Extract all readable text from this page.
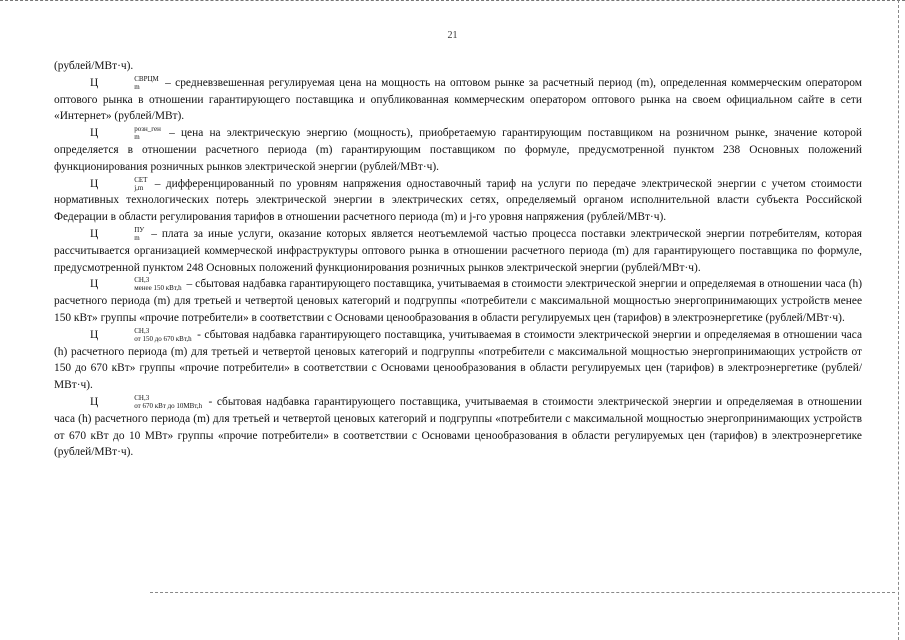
21

(рублей/МВт·ч).

Ц	СВРЦМ
m	– средневзвешенная регулируемая цена на мощность на оптовом рынке за расчетный период (m), определенная коммерческим оператором оптового рынка в отношении гарантирующего поставщика и опубликованная коммерческим оператором оптового рынка на своем официальном сайте в сети «Интернет» (рублей/МВт).

Ц	розн_ген
m	– цена на электрическую энергию (мощность), приобретаемую гарантирующим поставщиком на розничном рынке, значение которой определяется в отношении расчетного периода (m) гарантирующим поставщиком по формуле, предусмотренной пунктом 238 Основных положений функционирования розничных рынков электрической энергии (рублей/МВт·ч).

Ц	СЕТ
j,m – дифференцированный по уровням напряжения одноставочный тариф на услуги по передаче электрической энергии с учетом стоимости нормативных технологических потерь электрической энергии в электрических сетях, определяемый органом исполнительной власти субъекта Российской Федерации в области регулирования тарифов в отношении расчетного периода (m) и j-го уровня напряжения (рублей/МВт·ч).

Ц	ПУ
m – плата за иные услуги, оказание которых является неотъемлемой частью процесса поставки электрической энергии потребителям, которая рассчитывается организацией коммерческой инфраструктуры оптового рынка в отношении расчетного периода (m) для гарантирующего поставщика по формуле, предусмотренной пунктом 248 Основных положений функционирования розничных рынков электрической энергии (рублей/МВт·ч).

Ц	СН,3
менее 150 кВт,h – сбытовая надбавка гарантирующего поставщика, учитываемая в стоимости электрической энергии и определяемая в отношении часа (h) расчетного периода (m) для третьей и четвертой ценовых категорий и подгруппы «потребители с максимальной мощностью энергопринимающих устройств менее 150 кВт» группы «прочие потребители» в соответствии с Основами ценообразования в области регулируемых цен (тарифов) в электроэнергетике (рублей/МВт·ч).

Ц	СН,3
от 150 до 670 кВт,h - сбытовая надбавка гарантирующего поставщика, учитываемая в стоимости электрической энергии и определяемая в отношении часа (h) расчетного периода (m) для третьей и четвертой ценовых категорий и подгруппы «потребители с максимальной мощностью энергопринимающих устройств от 150 до 670 кВт» группы «прочие потребители» в соответствии с Основами ценообразования в области регулируемых цен (тарифов) в электроэнергетике (рублей/МВт·ч).

Ц	СН,3
от 670 кВт до 10МВт,h - сбытовая надбавка гарантирующего поставщика, учитываемая в стоимости электрической энергии и определяемая в отношении часа (h) расчетного периода (m) для третьей и четвертой ценовых категорий и подгруппы «потребители с максимальной мощностью энергопринимающих устройств от 670 кВт до 10 МВт» группы «прочие потребители» в соответствии с Основами ценообразования в области регулируемых цен (тарифов) в электроэнергетике (рублей/МВт·ч).
